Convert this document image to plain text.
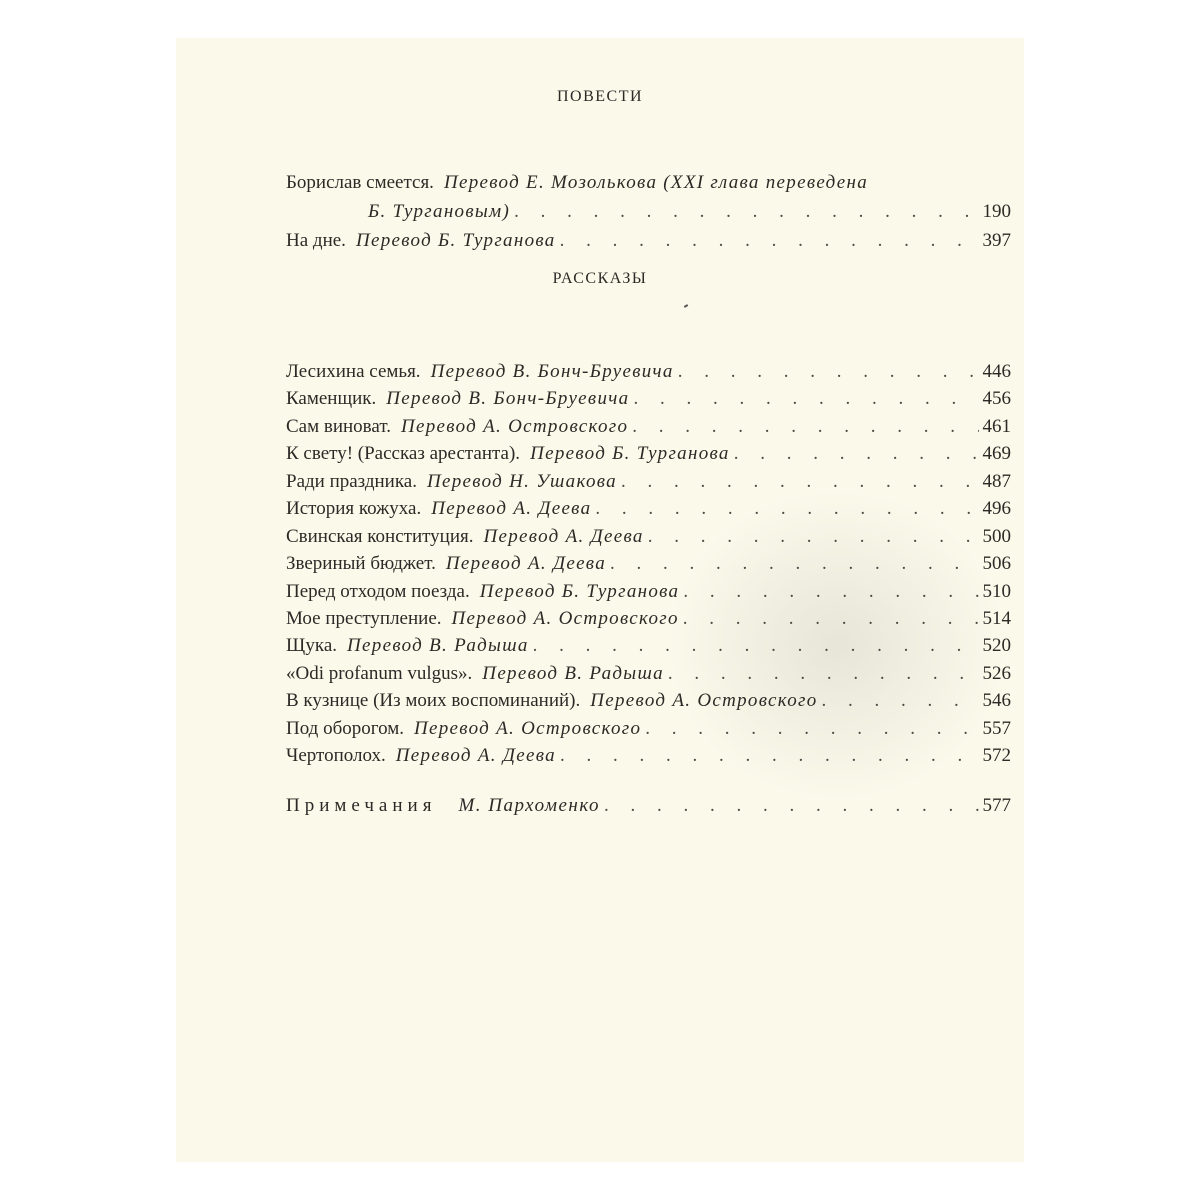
ПОВЕСТИ
Борислав смеется. Перевод Е. Мозолькова (XXI глава переведена
Б. Тургановым) . . .	190
На дне. Перевод Б. Турганова . . .	397
РАССКАЗЫ
Лесихина семья. Перевод В. Бонч-Бруевича . . .	446
Каменщик. Перевод В. Бонч-Бруевича . . .	456
Сам виноват. Перевод А. Островского . . .	461
К свету! (Рассказ арестанта). Перевод Б. Турганова . . .	469
Ради праздника. Перевод Н. Ушакова . . .	487
История кожуха. Перевод А. Деева . . .	496
Свинская конституция. Перевод А. Деева . . .	500
Звериный бюджет. Перевод А. Деева . . .	506
Перед отходом поезда. Перевод Б. Турганова . . .	510
Мое преступление. Перевод А. Островского . . .	514
Щука. Перевод В. Радыша . . .	520
«Odi profanum vulgus». Перевод В. Радыша . . .	526
В кузнице (Из моих воспоминаний). Перевод А. Островского . . .	546
Под оборогом. Перевод А. Островского . . .	557
Чертополох. Перевод А. Деева . . .	572
Примечания М. Пархоменко . . .	577
